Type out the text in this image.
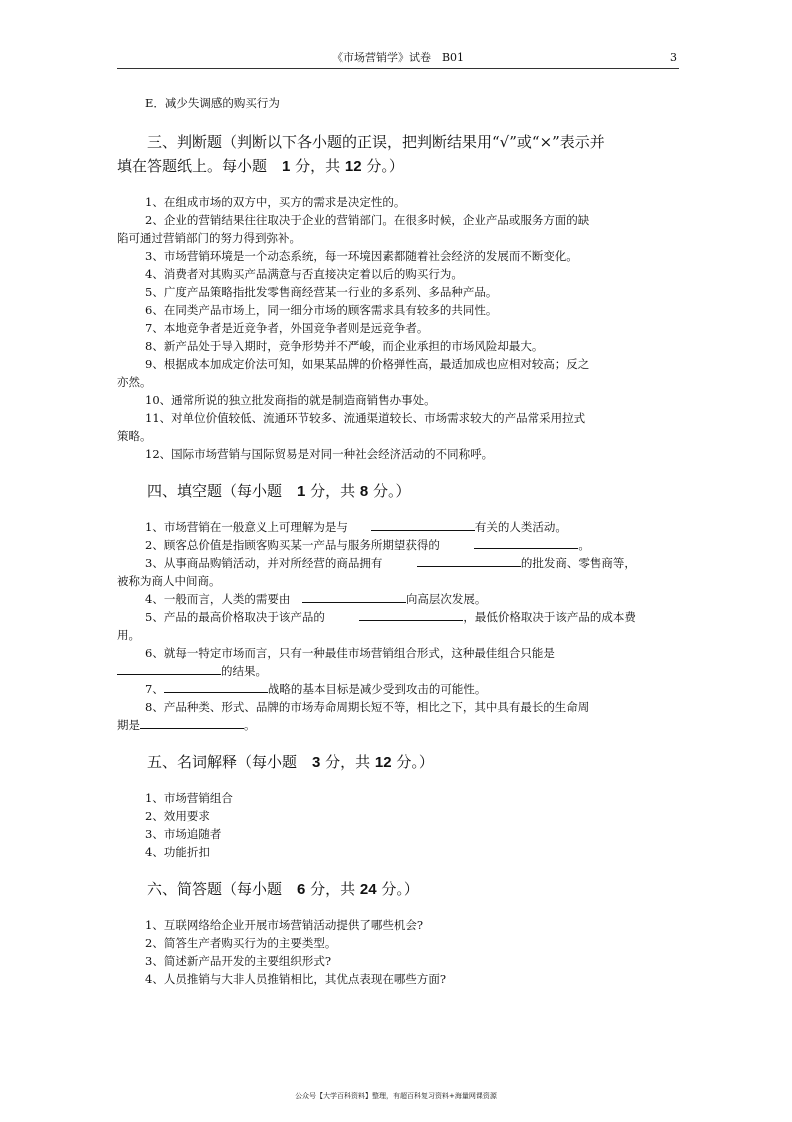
《市场营销学》试卷　B01	3
E．减少失调感的购买行为
三、判断题（判断以下各小题的正误，把判断结果用“√”或“×”表示并
填在答题纸上。每小题　1 分，共 12 分。）
1、在组成市场的双方中，买方的需求是决定性的。
2、企业的营销结果往往取决于企业的营销部门。在很多时候，企业产品或服务方面的缺
陷可通过营销部门的努力得到弥补。
3、市场营销环境是一个动态系统，每一环境因素都随着社会经济的发展而不断变化。
4、消费者对其购买产品满意与否直接决定着以后的购买行为。
5、广度产品策略指批发零售商经营某一行业的多系列、多品种产品。
6、在同类产品市场上，同一细分市场的顾客需求具有较多的共同性。
7、本地竞争者是近竞争者，外国竞争者则是远竞争者。
8、新产品处于导入期时，竞争形势并不严峻，而企业承担的市场风险却最大。
9、根据成本加成定价法可知，如果某品牌的价格弹性高，最适加成也应相对较高；反之
亦然。
10、通常所说的独立批发商指的就是制造商销售办事处。
11、对单位价值较低、流通环节较多、流通渠道较长、市场需求较大的产品常采用拉式
策略。
12、国际市场营销与国际贸易是对同一种社会经济活动的不同称呼。
四、填空题（每小题　1 分，共 8 分。）
1、市场营销在一般意义上可理解为是与　　	有关的人类活动。
2、顾客总价值是指顾客购买某一产品与服务所期望获得的　　　	。
3、从事商品购销活动，并对所经营的商品拥有　　　	的批发商、零售商等，
被称为商人中间商。
4、一般而言，人类的需要由　	向高层次发展。
5、产品的最高价格取决于该产品的　　　	，最低价格取决于该产品的成本费
用。
6、就每一特定市场而言，只有一种最佳市场营销组合形式，这种最佳组合只能是
的结果。
7、	战略的基本目标是减少受到攻击的可能性。
8、产品种类、形式、品牌的市场寿命周期长短不等，相比之下，其中具有最长的生命周
期是	。
五、名词解释（每小题　3 分，共 12 分。）
1、市场营销组合
2、效用要求
3、市场追随者
4、功能折扣
六、简答题（每小题　6 分，共 24 分。）
1、互联网络给企业开展市场营销活动提供了哪些机会?
2、简答生产者购买行为的主要类型。
3、简述新产品开发的主要组织形式?
4、人员推销与大非人员推销相比，其优点表现在哪些方面?
公众号【大学百科资料】整理，有超百科复习资料+海量网课资源
